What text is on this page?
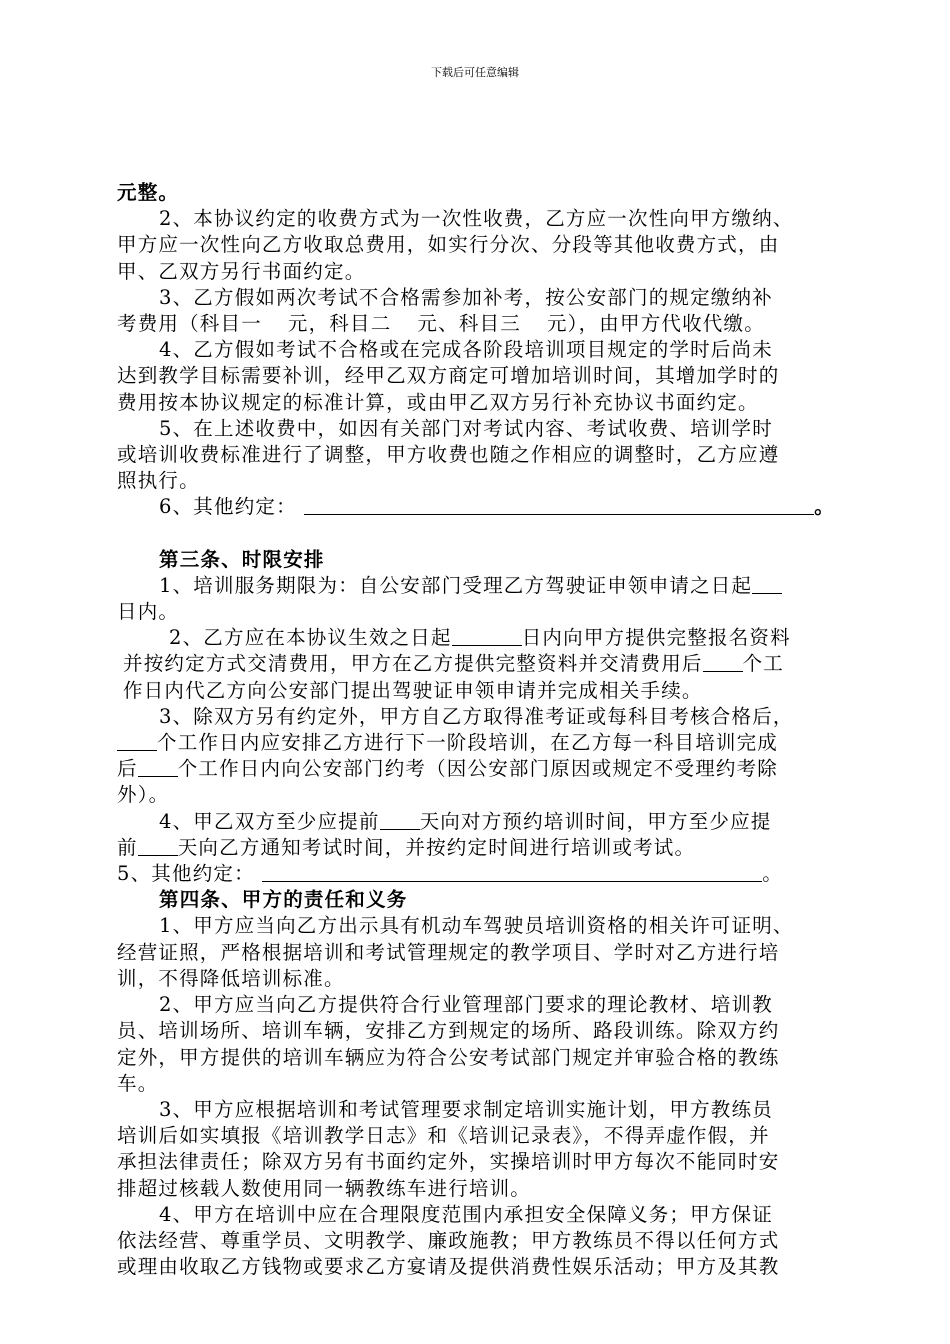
下载后可任意编辑
元整。
2、本协议约定的收费方式为一次性收费，乙方应一次性向甲方缴纳、
甲方应一次性向乙方收取总费用，如实行分次、分段等其他收费方式，由
甲、乙双方另行书面约定。
3、乙方假如两次考试不合格需参加补考，按公安部门的规定缴纳补
考费用（科目一 元，科目二 元、科目三 元），由甲方代收代缴。
4、乙方假如考试不合格或在完成各阶段培训项目规定的学时后尚未
达到教学目标需要补训，经甲乙双方商定可增加培训时间，其增加学时的
费用按本协议规定的标准计算，或由甲乙双方另行补充协议书面约定。
5、在上述收费中，如因有关部门对考试内容、考试收费、培训学时
或培训收费标准进行了调整，甲方收费也随之作相应的调整时，乙方应遵
照执行。
6、其他约定：	。
第三条、时限安排
1、培训服务期限为：自公安部门受理乙方驾驶证申领申请之日起
日内。
2、乙方应在本协议生效之日起	日内向甲方提供完整报名资料
并按约定方式交清费用，甲方在乙方提供完整资料并交清费用后 个工
作日内代乙方向公安部门提出驾驶证申领申请并完成相关手续。
3、除双方另有约定外，甲方自乙方取得准考证或每科目考核合格后，
个工作日内应安排乙方进行下一阶段培训，在乙方每一科目培训完成
后 个工作日内向公安部门约考（因公安部门原因或规定不受理约考除
外）。
4、甲乙双方至少应提前 天向对方预约培训时间，甲方至少应提
前 天向乙方通知考试时间，并按约定时间进行培训或考试。
5、其他约定：	。
第四条、甲方的责任和义务
1、甲方应当向乙方出示具有机动车驾驶员培训资格的相关许可证明、
经营证照，严格根据培训和考试管理规定的教学项目、学时对乙方进行培
训，不得降低培训标准。
2、甲方应当向乙方提供符合行业管理部门要求的理论教材、培训教
员、培训场所、培训车辆，安排乙方到规定的场所、路段训练。除双方约
定外，甲方提供的培训车辆应为符合公安考试部门规定并审验合格的教练
车。
3、甲方应根据培训和考试管理要求制定培训实施计划，甲方教练员
培训后如实填报《培训教学日志》和《培训记录表》，不得弄虚作假，并
承担法律责任；除双方另有书面约定外，实操培训时甲方每次不能同时安
排超过核载人数使用同一辆教练车进行培训。
4、甲方在培训中应在合理限度范围内承担安全保障义务；甲方保证
依法经营、尊重学员、文明教学、廉政施教；甲方教练员不得以任何方式
或理由收取乙方钱物或要求乙方宴请及提供消费性娱乐活动；甲方及其教
